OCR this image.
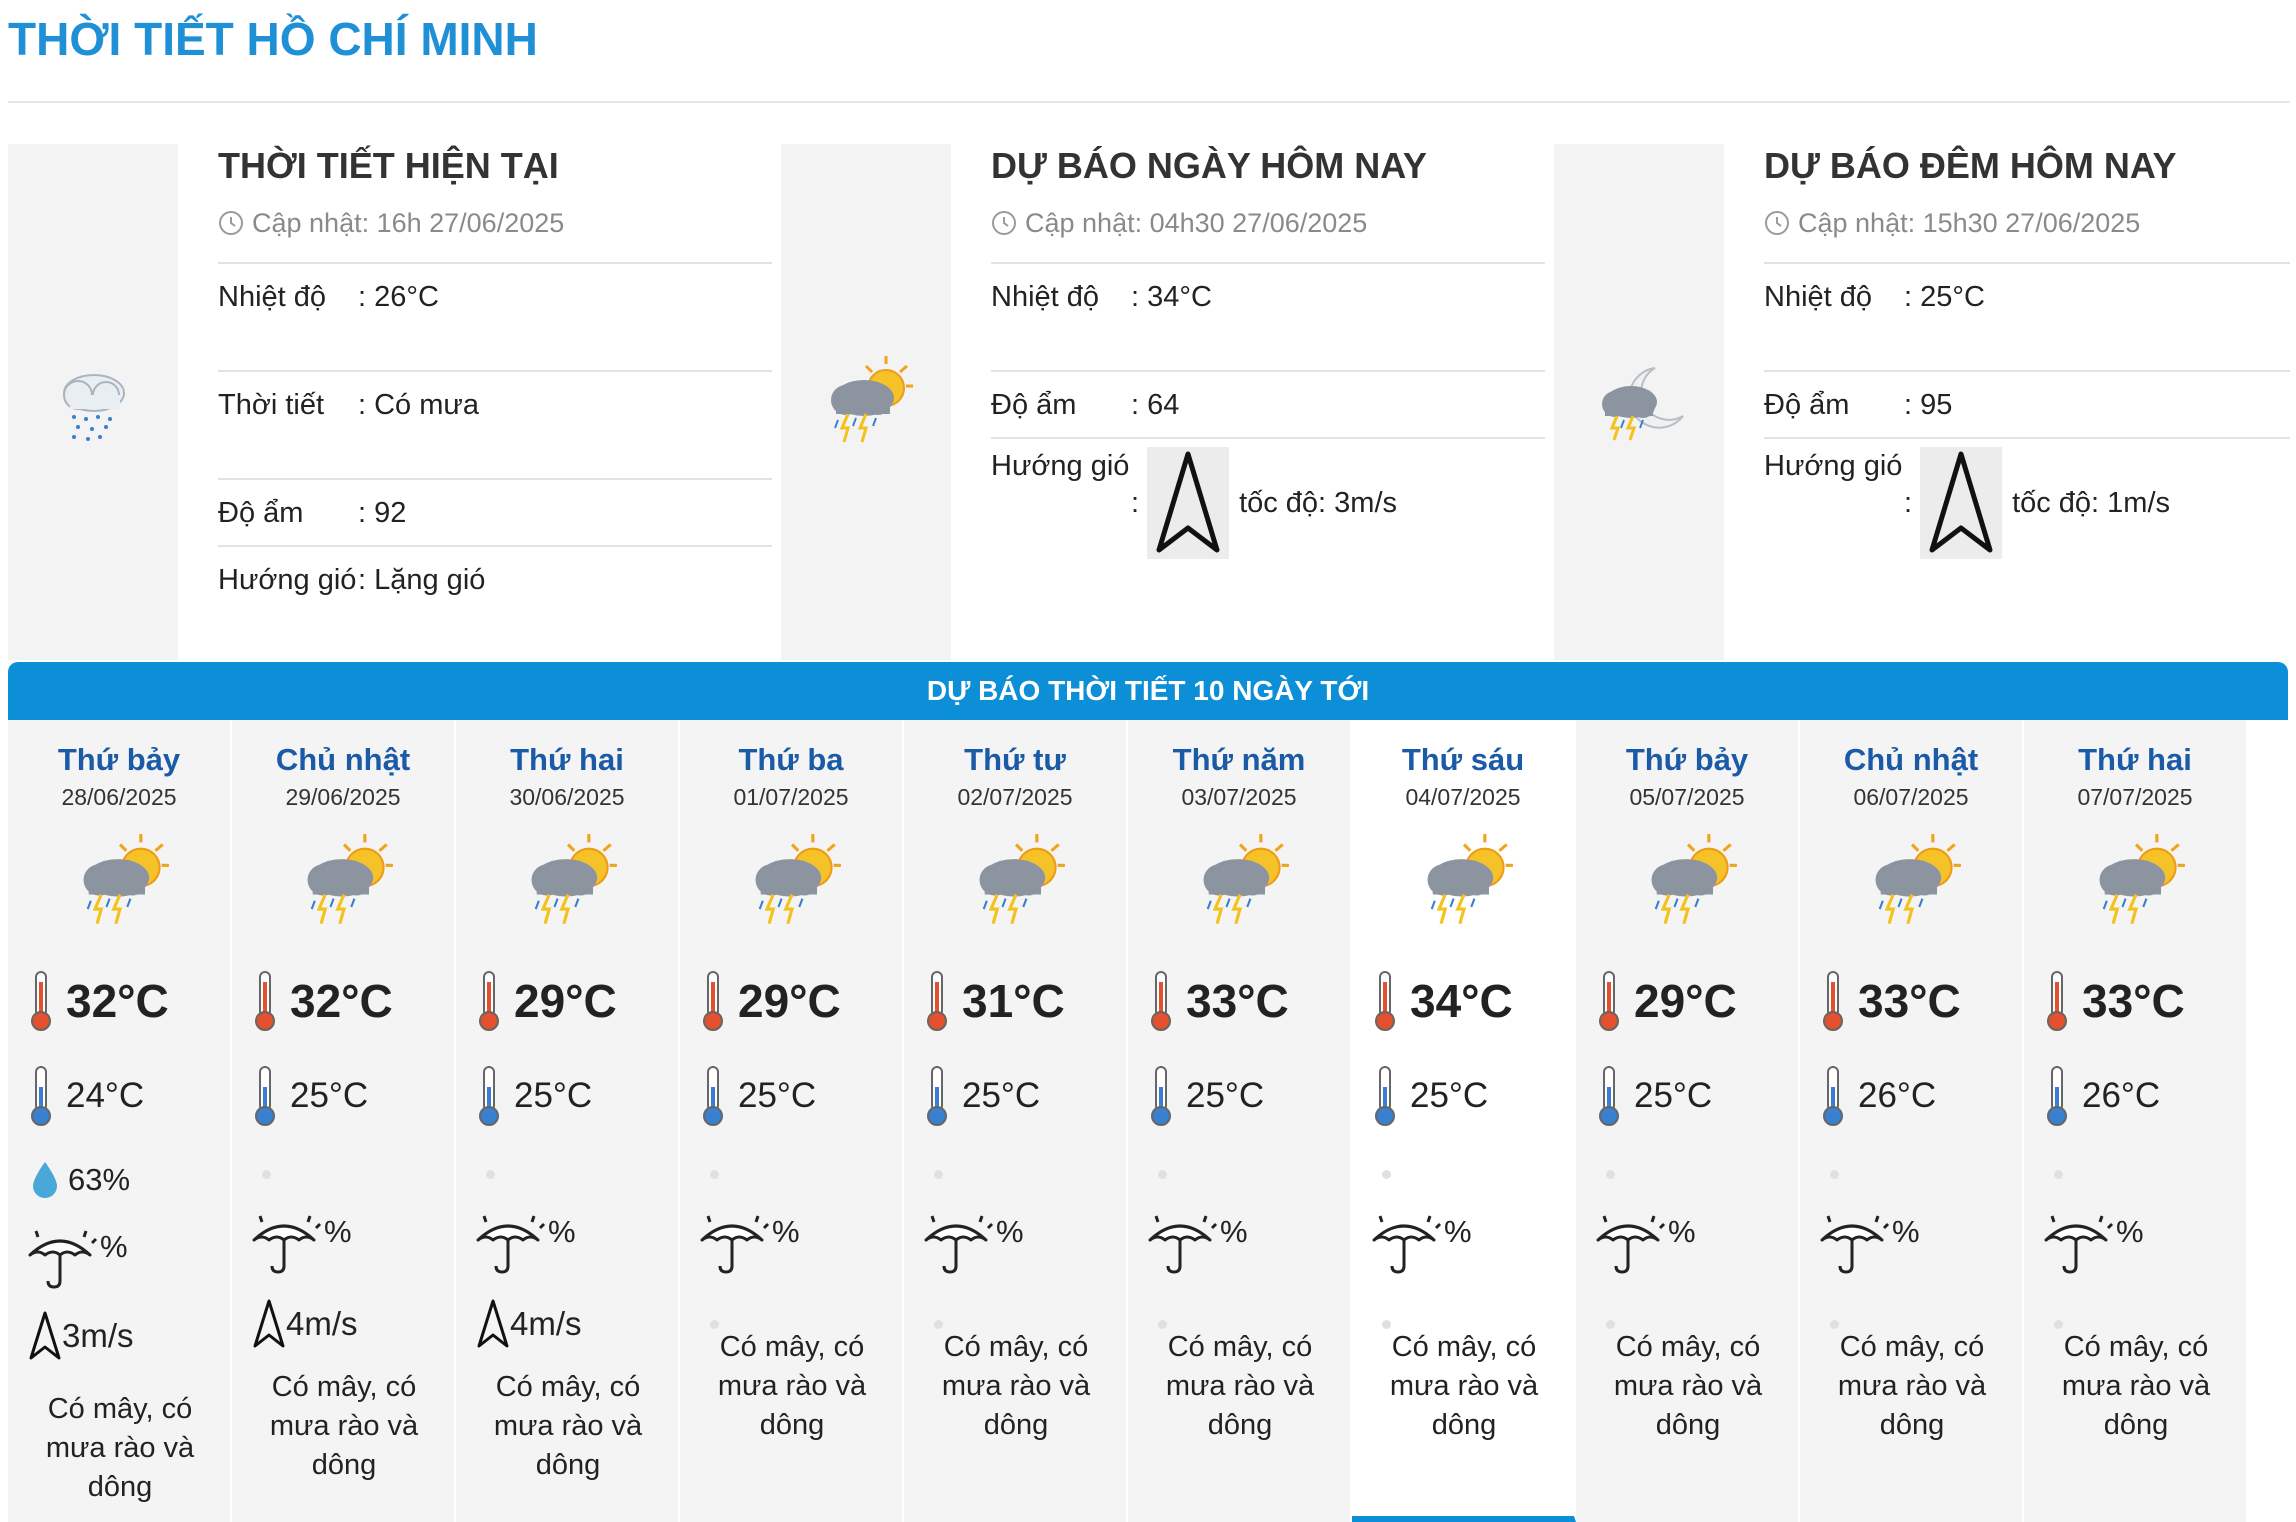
THỜI TIẾT HỒ CHÍ MINH
THỜI TIẾT HIỆN TẠI
Cập nhật: 16h 27/06/2025
Nhiệt độ	: 26°C
Thời tiết	: Có mưa
Độ ẩm	: 92
Hướng gió : Lặng gió
DỰ BÁO NGÀY HÔM NAY
Cập nhật: 04h30 27/06/2025
Nhiệt độ	: 34°C
Độ ẩm	: 64
Hướng gió
:	tốc độ: 3m/s
DỰ BÁO ĐÊM HÔM NAY
Cập nhật: 15h30 27/06/2025
Nhiệt độ	: 25°C
Độ ẩm	: 95
Hướng gió
:	tốc độ: 1m/s
DỰ BÁO THỜI TIẾT 10 NGÀY TỚI
Thứ bảy
28/06/2025
32°C
24°C
63%
%
3m/s
Có mây, có mưa rào và dông
Chủ nhật
29/06/2025
32°C
25°C
%
4m/s
Có mây, có mưa rào và dông
Thứ hai
30/06/2025
29°C
25°C
%
4m/s
Có mây, có mưa rào và dông
Thứ ba
01/07/2025
29°C
25°C
%
Có mây, có mưa rào và dông
Thứ tư
02/07/2025
31°C
25°C
%
Có mây, có mưa rào và dông
Thứ năm
03/07/2025
33°C
25°C
%
Có mây, có mưa rào và dông
Thứ sáu
04/07/2025
34°C
25°C
%
Có mây, có mưa rào và dông
Thứ bảy
05/07/2025
29°C
25°C
%
Có mây, có mưa rào và dông
Chủ nhật
06/07/2025
33°C
26°C
%
Có mây, có mưa rào và dông
Thứ hai
07/07/2025
33°C
26°C
%
Có mây, có mưa rào và dông
